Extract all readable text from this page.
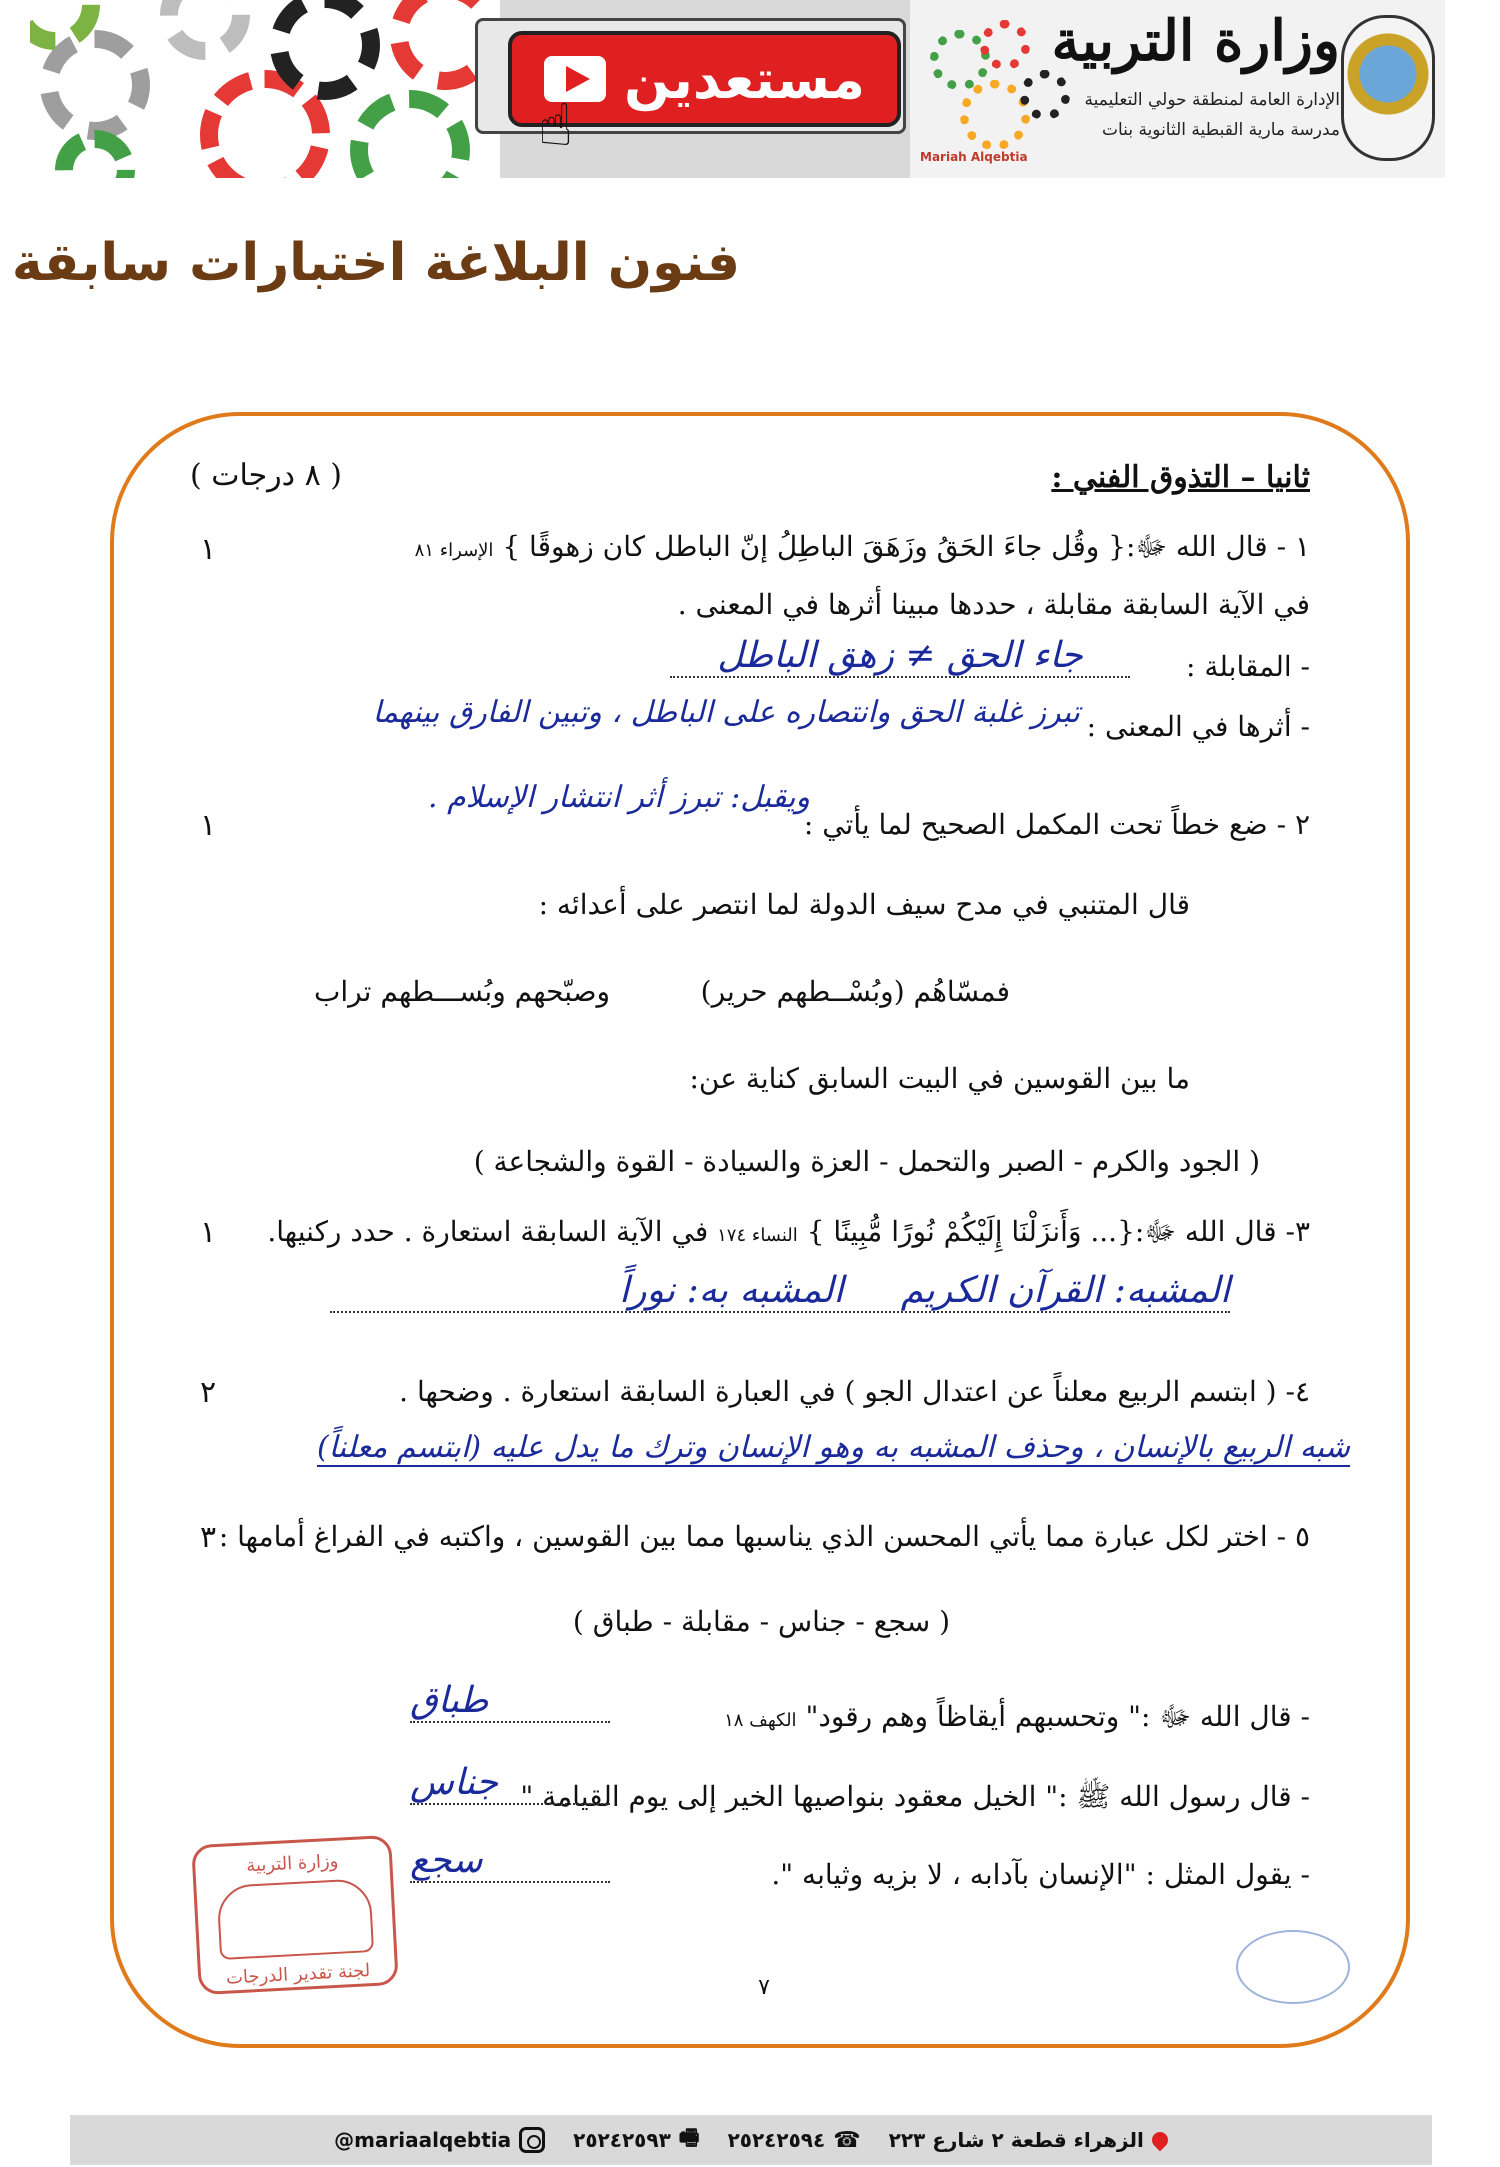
مستعدين
☝	Mariah Alqebtia
وزارة التربية
الإدارة العامة لمنطقة حولي التعليمية
مدرسة مارية القبطية الثانوية بنات
فنون البلاغة اختبارات سابقة
ثانيا – التذوق الفني :
( ٨ درجات )
١ - قال الله ﷻ:{ وقُل جاءَ الحَقُ وزَهَقَ الباطِلُ إنّ الباطل كان زهوقًا } الإسراء ٨١
١
في الآية السابقة مقابلة ، حددها مبينا أثرها في المعنى .
- المقابلة :
جاء الحق ≠ زهق الباطل
- أثرها في المعنى :
تبرز غلبة الحق وانتصاره على الباطل ، وتبين الفارق بينهما
ويقبل: تبرز أثر انتشار الإسلام .
٢ - ضع خطاً تحت المكمل الصحيح لما يأتي :
١
قال المتنبي في مدح سيف الدولة لما انتصر على أعدائه :
فمسّاهُم (وبُسْــطهم حرير)
وصبّحهم وبُســـطهم تراب
ما بين القوسين في البيت السابق كناية عن:
( الجود والكرم - الصبر والتحمل - العزة والسيادة - القوة والشجاعة )
٣- قال الله ﷻ:{... وَأَنزَلْنَا إِلَيْكُمْ نُورًا مُّبِينًا } النساء ١٧٤ في الآية السابقة استعارة . حدد ركنيها.
١
المشبه: القرآن الكريم     المشبه به: نوراً
٤- ( ابتسم الربيع معلناً عن اعتدال الجو ) في العبارة السابقة استعارة . وضحها .
٢
شبه الربيع بالإنسان ، وحذف المشبه به وهو الإنسان وترك ما يدل عليه (ابتسم معلناً)
٥ - اختر لكل عبارة مما يأتي المحسن الذي يناسبها مما بين القوسين ، واكتبه في الفراغ أمامها :
٣
( سجع - جناس - مقابلة - طباق )
- قال الله ﷻ :" وتحسبهم أيقاظاً وهم رقود" الكهف ١٨
طباق
- قال رسول الله ﷺ :" الخيل معقود بنواصيها الخير إلى يوم القيامة "
جناس
- يقول المثل : "الإنسان بآدابه ، لا بزيه وثيابه ".
سجع
٧
وزارة التربية
لجنة تقدير الدرجات
@mariaalqebtia	٢٥٢٤٢٥٩٣ 🖷 ٢٥٢٤٢٥٩٤ ☎ الزهراء قطعة ٢ شارع ٢٢٣
